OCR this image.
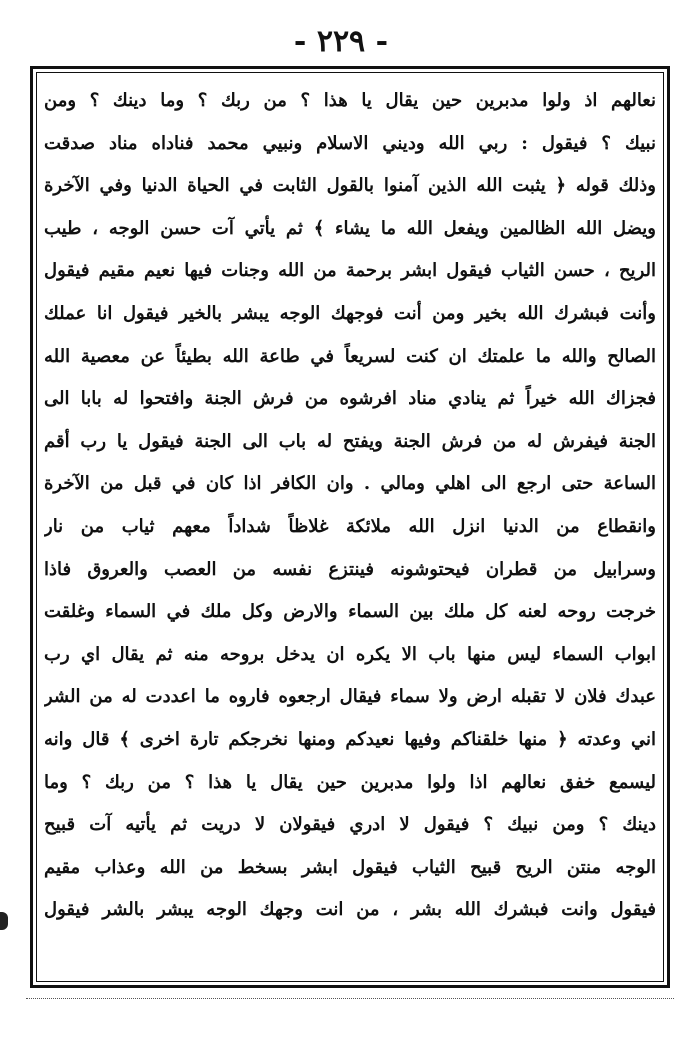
- ٢٢٩ -
نعالهم اذ ولوا مدبرين حين يقال يا هذا ؟ من ربك ؟ وما دينك ؟ ومن
نبيك ؟ فيقول : ربي الله وديني الاسلام ونبيي محمد فناداه مناد صدقت
وذلك قوله ﴿ يثبت الله الذين آمنوا بالقول الثابت في الحياة الدنيا وفي الآخرة
ويضل الله الظالمين ويفعل الله ما يشاء ﴾ ثم يأتي آت حسن الوجه ، طيب
الريح ، حسن الثياب فيقول ابشر برحمة من الله وجنات فيها نعيم مقيم فيقول
وأنت فبشرك الله بخير ومن أنت فوجهك الوجه يبشر بالخير فيقول انا عملك
الصالح والله ما علمتك ان كنت لسريعاً في طاعة الله بطيئاً عن معصية الله
فجزاك الله خيراً ثم ينادي مناد افرشوه من فرش الجنة وافتحوا له بابا الى
الجنة فيفرش له من فرش الجنة ويفتح له باب الى الجنة فيقول يا رب أقم
الساعة حتى ارجع الى اهلي ومالي . وان الكافر اذا كان في قبل من الآخرة
وانقطاع من الدنيا انزل الله ملائكة غلاظاً شداداً معهم ثياب من نار
وسرابيل من قطران فيحتوشونه فينتزع نفسه من العصب والعروق فاذا
خرجت روحه لعنه كل ملك بين السماء والارض وكل ملك في السماء وغلقت
ابواب السماء ليس منها باب الا يكره ان يدخل بروحه منه ثم يقال اي رب
عبدك فلان لا تقبله ارض ولا سماء فيقال ارجعوه فاروه ما اعددت له من الشر
اني وعدته ﴿ منها خلقناكم وفيها نعيدكم ومنها نخرجكم تارة اخرى ﴾ قال وانه
ليسمع خفق نعالهم اذا ولوا مدبرين حين يقال يا هذا ؟ من ربك ؟ وما
دينك ؟ ومن نبيك ؟ فيقول لا ادري فيقولان لا دريت ثم يأتيه آت قبيح
الوجه منتن الريح قبيح الثياب فيقول ابشر بسخط من الله وعذاب مقيم
فيقول وانت فبشرك الله بشر ، من انت وجهك الوجه يبشر بالشر فيقول
